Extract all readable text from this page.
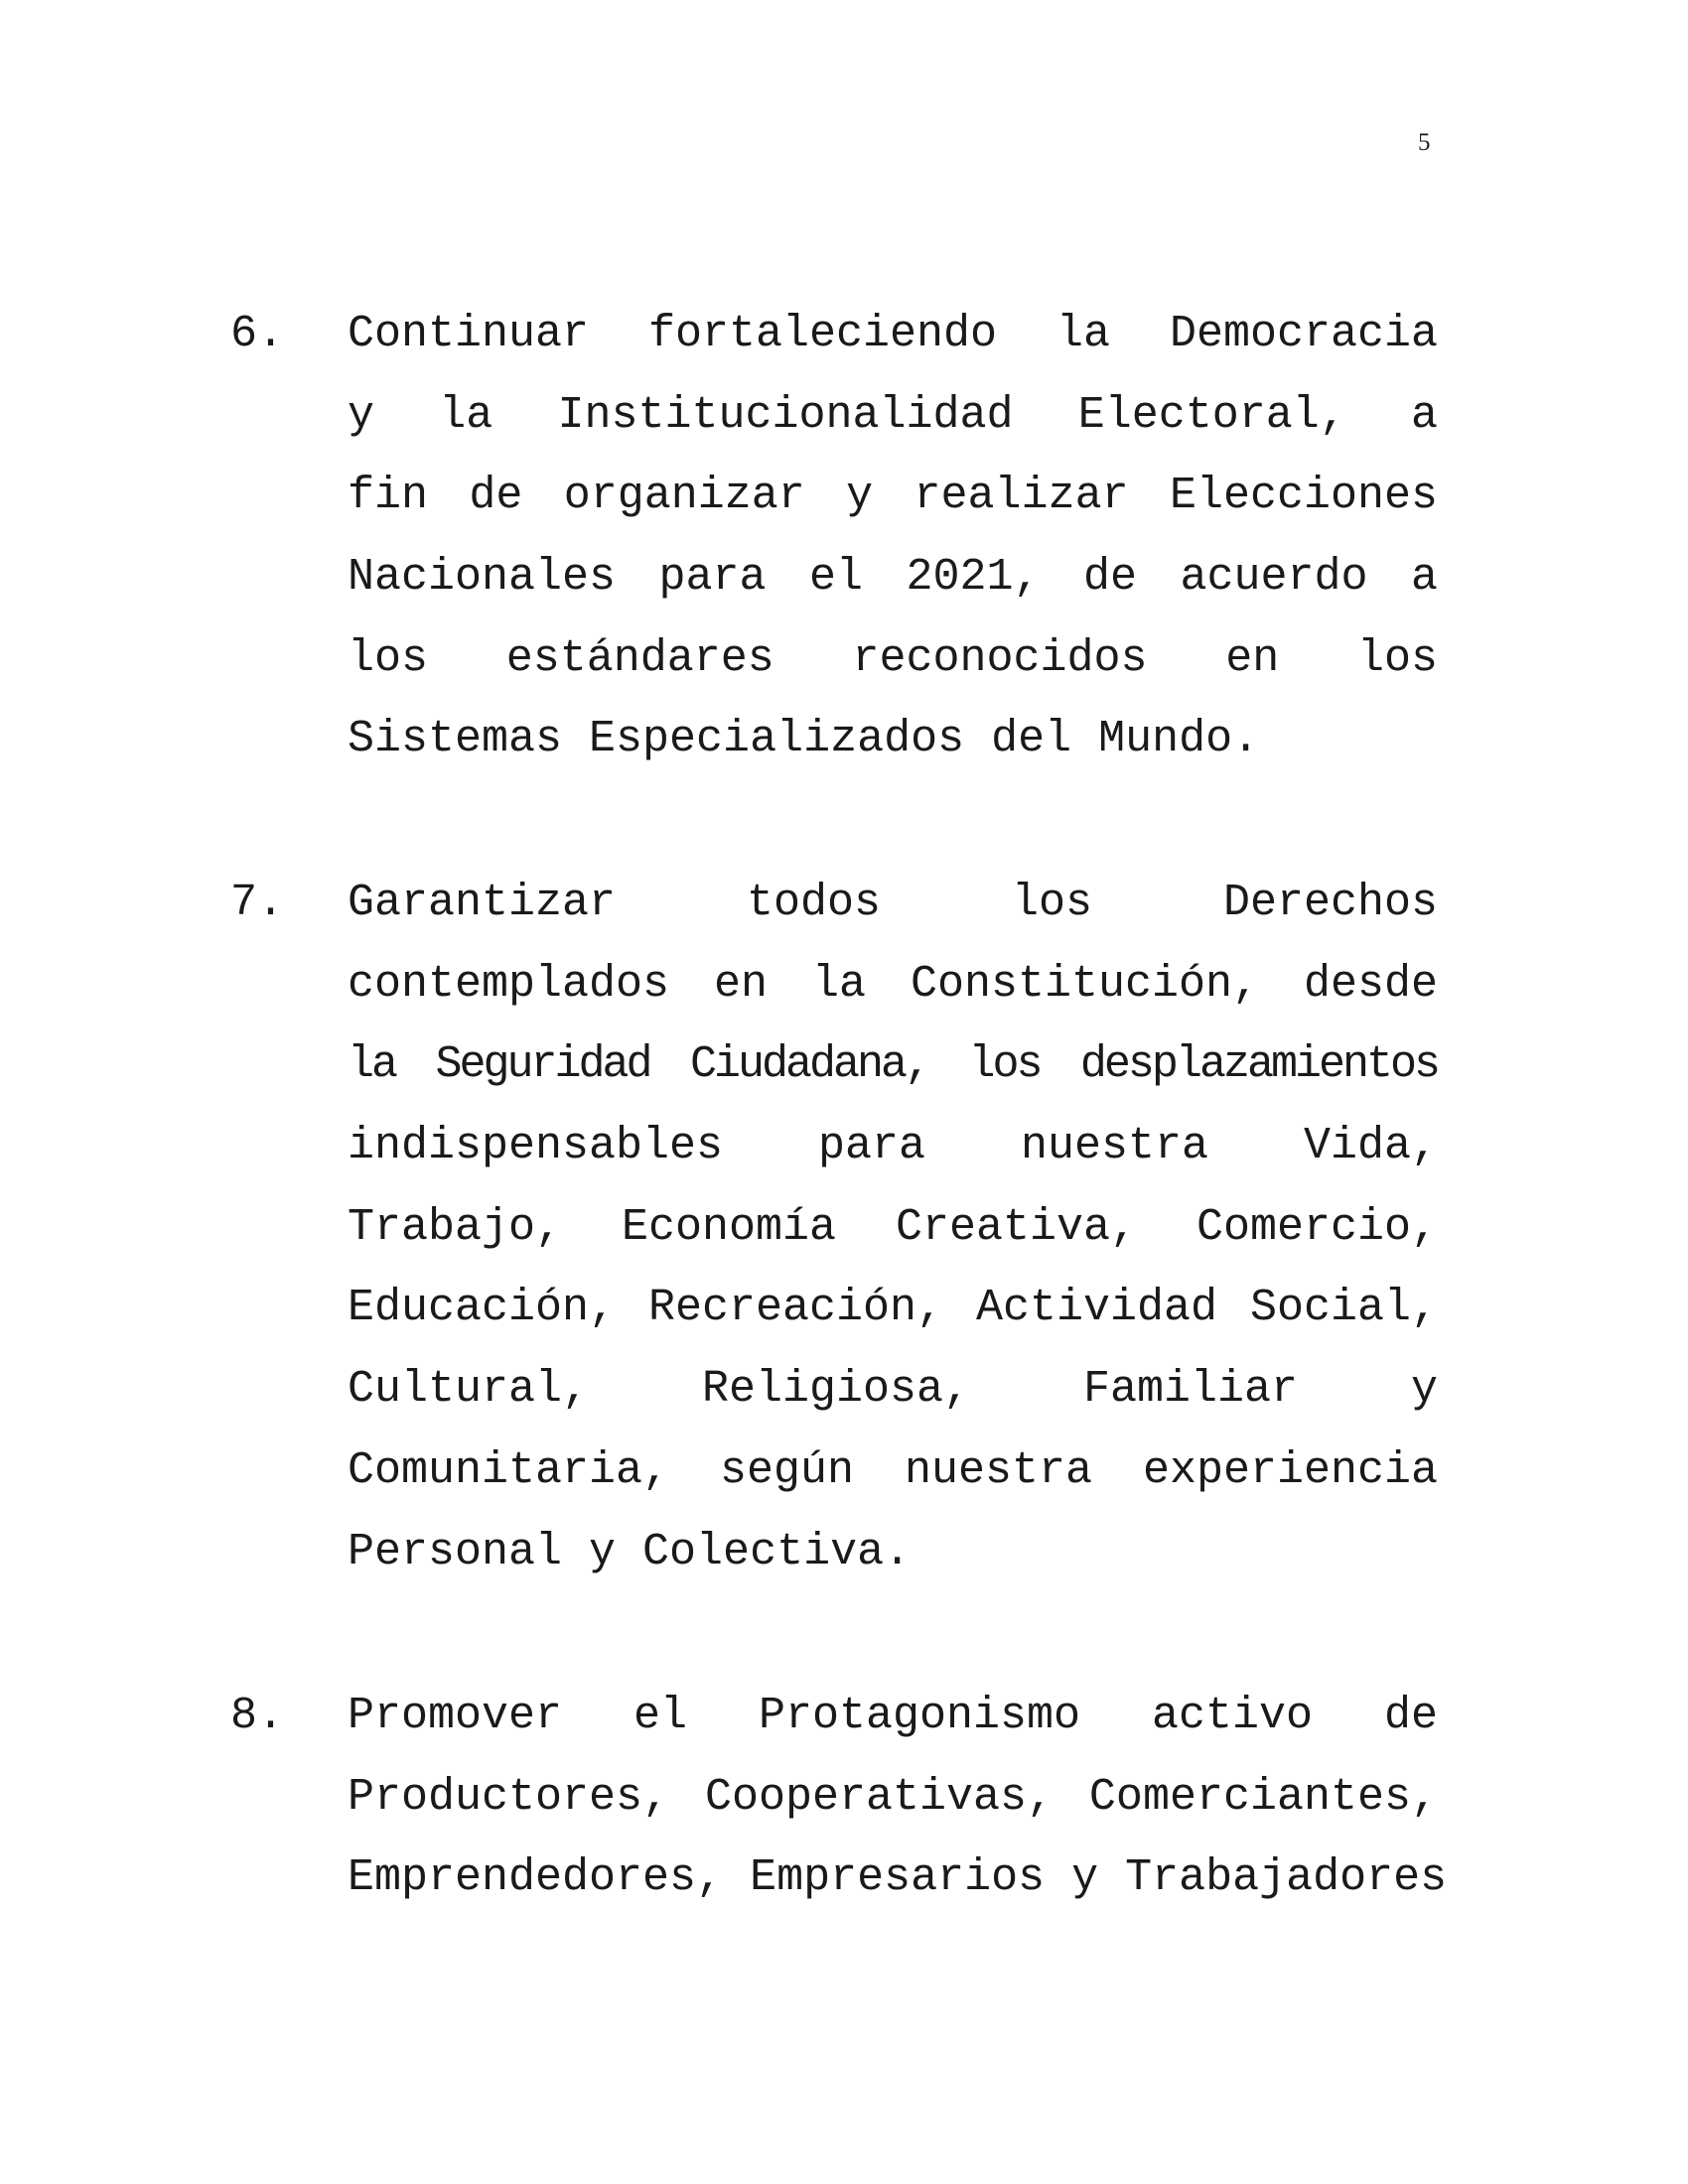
5
6. Continuar fortaleciendo la Democracia
y la Institucionalidad Electoral, a
fin de organizar y realizar Elecciones
Nacionales para el 2021, de acuerdo a
los estándares reconocidos en los
Sistemas Especializados del Mundo.
7. Garantizar todos los Derechos
contemplados en la Constitución, desde
la Seguridad Ciudadana, los desplazamientos
indispensables para nuestra Vida,
Trabajo, Economía Creativa, Comercio,
Educación, Recreación, Actividad Social,
Cultural, Religiosa, Familiar y
Comunitaria, según nuestra experiencia
Personal y Colectiva.
8. Promover el Protagonismo activo de
Productores, Cooperativas, Comerciantes,
Emprendedores, Empresarios y Trabajadores
